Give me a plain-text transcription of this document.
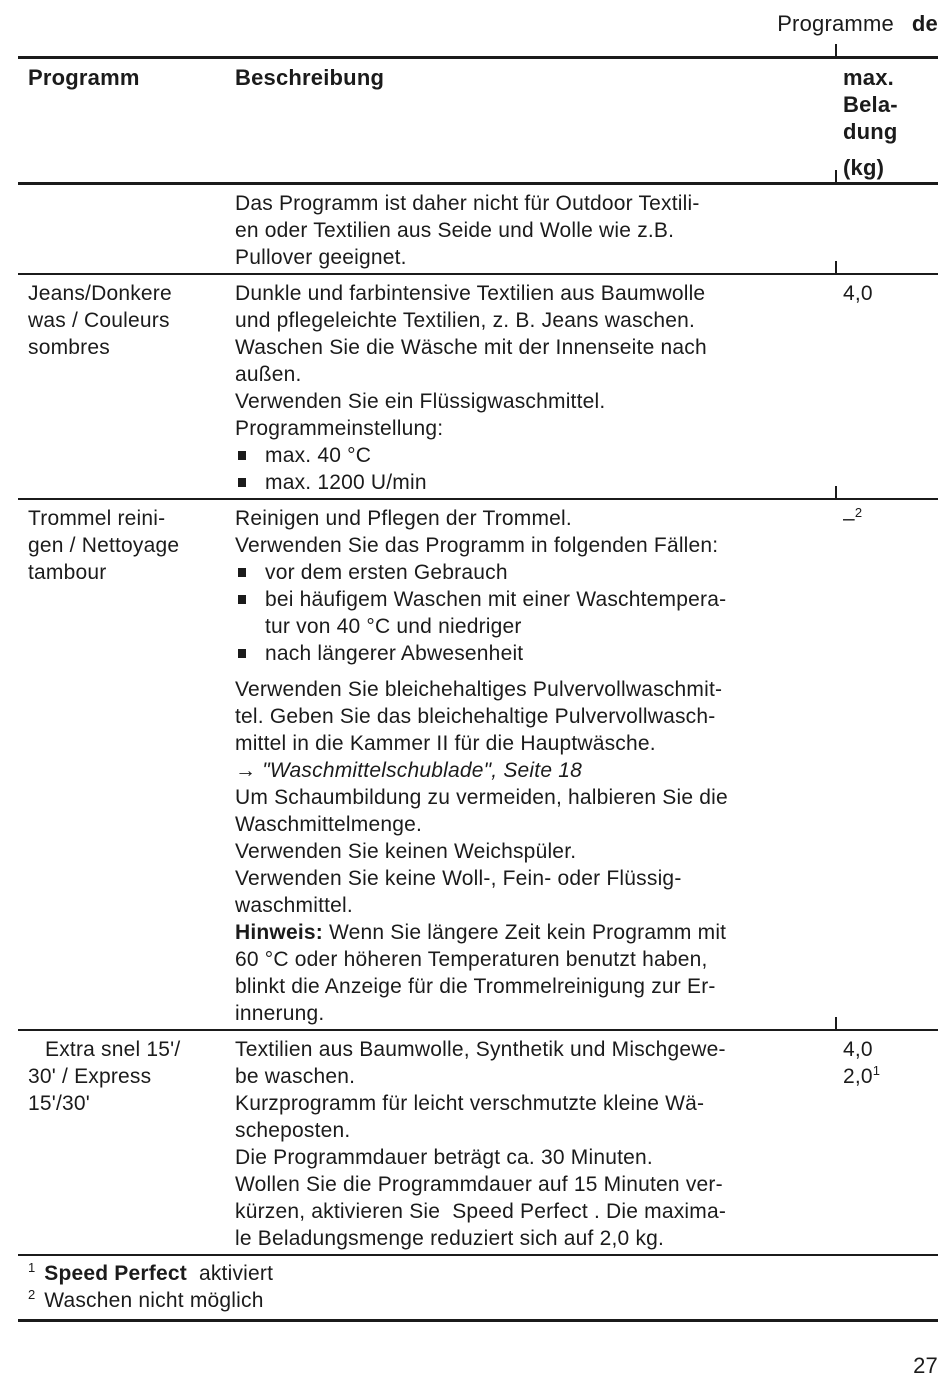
Programme de
Programm	Beschreibung	max.
Bela-
dung
(kg)
Das Programm ist daher nicht für Outdoor Textili-
en oder Textilien aus Seide und Wolle wie z.B.
Pullover geeignet.
Jeans/Donkere
was / Couleurs
sombres
Dunkle und farbintensive Textilien aus Baumwolle
und pflegeleichte Textilien, z. B. Jeans waschen.
Waschen Sie die Wäsche mit der Innenseite nach
außen.
Verwenden Sie ein Flüssigwaschmittel.
Programmeinstellung:
max. 40 °C
max. 1200 U/min
4,0
Trommel reini-
gen / Nettoyage
tambour
Reinigen und Pflegen der Trommel.
Verwenden Sie das Programm in folgenden Fällen:
vor dem ersten Gebrauch
bei häufigem Waschen mit einer Waschtempera-
tur von 40 °C und niedriger
nach längerer Abwesenheit
Verwenden Sie bleichehaltiges Pulvervollwaschmit-
tel. Geben Sie das bleichehaltige Pulvervollwasch-
mittel in die Kammer II für die Hauptwäsche.
→ "Waschmittelschublade", Seite 18
Um Schaumbildung zu vermeiden, halbieren Sie die
Waschmittelmenge.
Verwenden Sie keinen Weichspüler.
Verwenden Sie keine Woll-, Fein- oder Flüssig-
waschmittel.
Hinweis: Wenn Sie längere Zeit kein Programm mit
60 °C oder höheren Temperaturen benutzt haben,
blinkt die Anzeige für die Trommelreinigung zur Er-
innerung.
–$^2$
Extra snel 15'/
30' / Express
15'/30'
Textilien aus Baumwolle, Synthetik und Mischgewe-
be waschen.
Kurzprogramm für leicht verschmutzte kleine Wä-
scheposten.
Die Programmdauer beträgt ca. 30 Minuten.
Wollen Sie die Programmdauer auf 15 Minuten ver-
kürzen, aktivieren Sie  Speed Perfect . Die maxima-
le Beladungsmenge reduziert sich auf 2,0 kg.
4,0
$2,0^1$
$^1$ Speed Perfect  aktiviert
$^2$ Waschen nicht möglich
27
